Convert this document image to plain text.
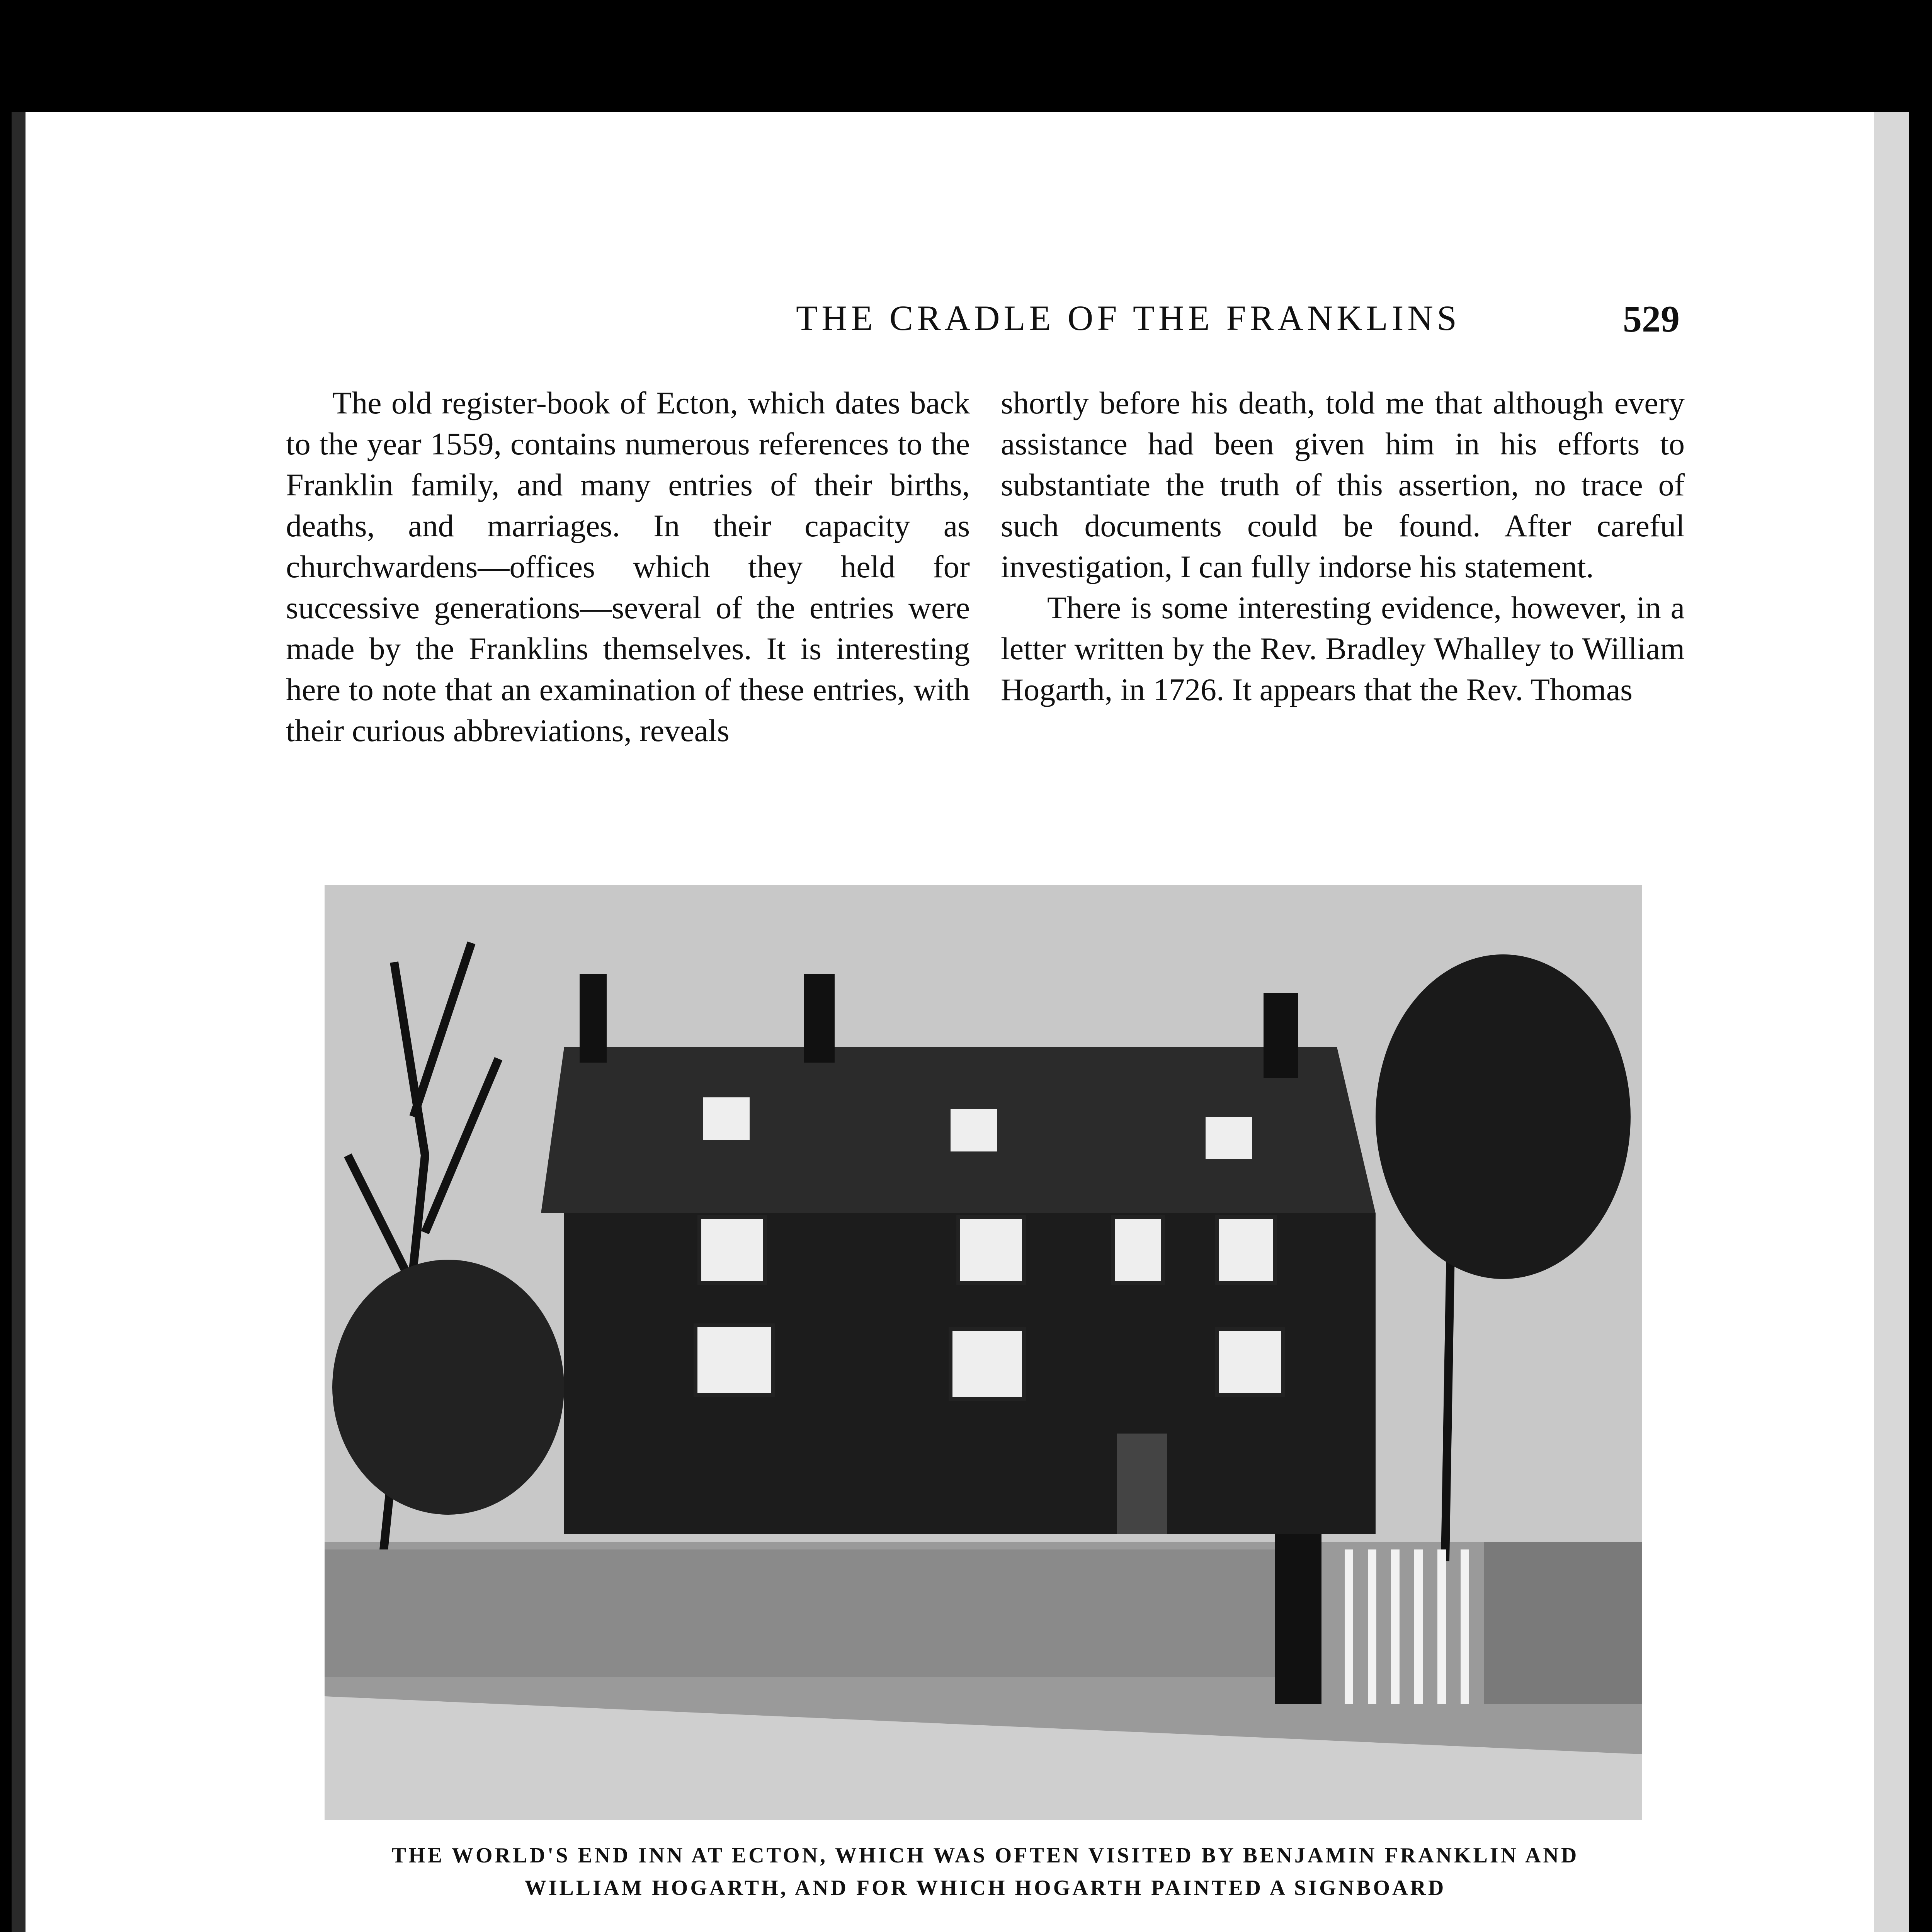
THE CRADLE OF THE FRANKLINS	529

The old register-book of Ecton, which dates back to the year 1559, contains numerous references to the Franklin family, and many entries of their births, deaths, and marriages. In their capacity as churchwardens—offices which they held for successive generations—several of the entries were made by the Franklins themselves. It is interesting here to note that an examination of these entries, with their curious abbreviations, reveals

shortly before his death, told me that although every assistance had been given him in his efforts to substantiate the truth of this assertion, no trace of such documents could be found. After careful investigation, I can fully indorse his statement.

There is some interesting evidence, however, in a letter written by the Rev. Bradley Whalley to William Hogarth, in 1726. It appears that the Rev. Thomas

THE WORLD'S END INN AT ECTON, WHICH WAS OFTEN VISITED BY BENJAMIN FRANKLIN AND
WILLIAM HOGARTH, AND FOR WHICH HOGARTH PAINTED A SIGNBOARD
